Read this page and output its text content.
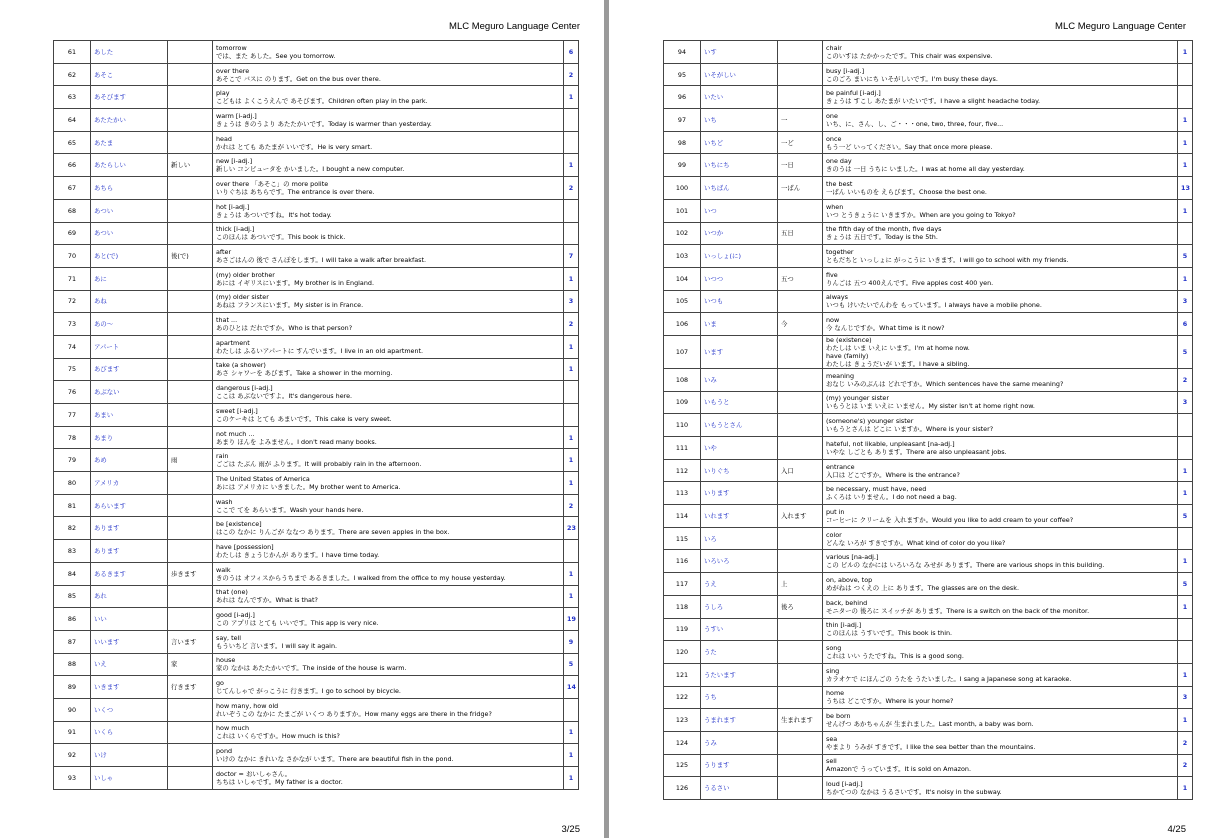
MLC Meguro Language Center
61	あした		tomorrow
では、また あした。See you tomorrow.	6
62	あそこ		over there
あそこで バスに のります。Get on the bus over there.	2
63	あそびます		play
こどもは よくこうえんで あそびます。Children often play in the park.	1
64	あたたかい		warm [i-adj.]
きょうは きのうより あたたかいです。Today is warmer than yesterday.	

65	あたま		head
かれは とても あたまが いいです。He is very smart.	

66	あたらしい	新しい	new [i-adj.]
新しい コンピュータを かいました。I bought a new computer.	1
67	あちら		over there 「あそこ」の more polite
いりぐちは あちらです。The entrance is over there.	2
68	あつい		hot [i-adj.]
きょうは あついですね。It's hot today.	

69	あつい		thick [i-adj.]
このほんは あついです。This book is thick.	

70	あと(で)	後(で)	after
あさごはんの 後で さんぽをします。I will take a walk after breakfast.	7
71	あに		(my) older brother
あには イギリスにいます。My brother is in England.	1
72	あね		(my) older sister
あねは フランスにいます。My sister is in France.	3
73	あの～		that ...
あのひとは だれですか。Who is that person?	2
74	アパート		apartment
わたしは ふるいアパートに すんでいます。I live in an old apartment.	1
75	あびます		take (a shower)
あさ シャワーを あびます。Take a shower in the morning.	1
76	あぶない		dangerous [i-adj.]
ここは あぶないですよ。It's dangerous here.	

77	あまい		sweet [i-adj.]
このケーキは とても あまいです。This cake is very sweet.	

78	あまり		not much ...
あまり ほんを よみません。I don't read many books.	1
79	あめ	雨	rain
ごごは たぶん 雨が ふります。It will probably rain in the afternoon.	1
80	アメリカ		The United States of America
あには アメリカに いきました。My brother went to America.	1
81	あらいます		wash
ここで てを あらいます。Wash your hands here.	2
82	あります		be [existence]
はこの なかに りんごが ななつ あります。There are seven apples in the box.	23
83	あります		have [possession]
わたしは きょうじかんが あります。I have time today.	

84	あるきます	歩きます	walk
きのうは オフィスからうちまで あるきました。I walked from the office to my house yesterday.	1
85	あれ		that (one)
あれは なんですか。What is that?	1
86	いい		good [i-adj.]
この アプリは とても いいです。This app is very nice.	19
87	いいます	言います	say, tell
もういちど 言います。I will say it again.	9
88	いえ	家	house
家の なかは あたたかいです。The inside of the house is warm.	5
89	いきます	行きます	go
じてんしゃで がっこうに 行きます。I go to school by bicycle.	14
90	いくつ		how many, how old
れいぞうこの なかに たまごが いくつ ありますか。How many eggs are there in the fridge?	

91	いくら		how much
これは いくらですか。How much is this?	1
92	いけ		pond
いけの なかに きれいな さかなが います。There are beautiful fish in the pond.	1
93	いしゃ		doctor = おいしゃさん。
ちちは いしゃです。My father is a doctor.	1
3/25
MLC Meguro Language Center
94	いす		chair
このいすは たかかったです。This chair was expensive.	1
95	いそがしい		busy [i-adj.]
このごろ まいにち いそがしいです。I'm busy these days.	

96	いたい		be painful [i-adj.]
きょうは すこし あたまが いたいです。I have a slight headache today.	

97	いち	一	one
いち、に、さん、し、ご・・・one, two, three, four, five...	1
98	いちど	一ど	once
もう一ど いってください。Say that once more please.	1
99	いちにち	一日	one day
きのうは 一日 うちに いました。I was at home all day yesterday.	1
100	いちばん	一ばん	the best
一ばん いいものを えらびます。Choose the best one.	13
101	いつ		when
いつ とうきょうに いきますか。When are you going to Tokyo?	1
102	いつか	五日	the fifth day of the month, five days
きょうは 五日です。Today is the 5th.	

103	いっしょ(に)		together
ともだちと いっしょに がっこうに いきます。I will go to school with my friends.	5
104	いつつ	五つ	five
りんごは 五つ 400えんです。Five apples cost 400 yen.	1
105	いつも		always
いつも けいたいでんわを もっています。I always have a mobile phone.	3
106	いま	今	now
今 なんじですか。What time is it now?	6
107	います		be (existence)
わたしは いま いえに います。I'm at home now.
have (family)
わたしは きょうだいが います。I have a sibling.	5
108	いみ		meaning
おなじ いみのぶんは どれですか。Which sentences have the same meaning?	2
109	いもうと		(my) younger sister
いもうとは いま いえに いません。My sister isn't at home right now.	3
110	いもうとさん		(someone's) younger sister
いもうとさんは どこに いますか。Where is your sister?	

111	いや		hateful, not likable, unpleasant [na-adj.]
いやな しごとも あります。There are also unpleasant jobs.	

112	いりぐち	入口	entrance
入口は どこですか。Where is the entrance?	1
113	いります		be necessary, must have, need
ふくろは いりません。I do not need a bag.	1
114	いれます	入れます	put in
コーヒーに クリームを 入れますか。Would you like to add cream to your coffee?	5
115	いろ		color
どんな いろが すきですか。What kind of color do you like?	

116	いろいろ		various [na-adj.]
この ビルの なかには いろいろな みせが あります。There are various shops in this building.	1
117	うえ	上	on, above, top
めがねは つくえの 上に あります。The glasses are on the desk.	5
118	うしろ	後ろ	back, behind
モニターの 後ろに スイッチが あります。There is a switch on the back of the monitor.	1
119	うすい		thin [i-adj.]
このほんは うすいです。This book is thin.	

120	うた		song
これは いい うたですね。This is a good song.	

121	うたいます		sing
カラオケで にほんごの うたを うたいました。I sang a Japanese song at karaoke.	1
122	うち		home
うちは どこですか。Where is your home?	3
123	うまれます	生まれます	be born
せんげつ あかちゃんが 生まれました。Last month, a baby was born.	1
124	うみ		sea
やまより うみが すきです。I like the sea better than the mountains.	2
125	うります		sell
Amazonで うっています。It is sold on Amazon.	2
126	うるさい		loud [i-adj.]
ちかてつの なかは うるさいです。It's noisy in the subway.	1
4/25
